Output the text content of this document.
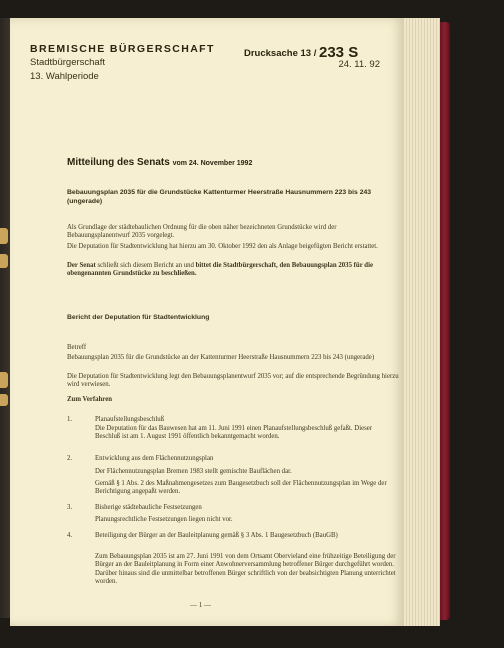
BREMISCHE BÜRGERSCHAFT
Stadtbürgerschaft
13. Wahlperiode
Drucksache 13 / 233 S
24. 11. 92
Mitteilung des Senats vom 24. November 1992
Bebauungsplan 2035 für die Grundstücke Kattenturmer Heerstraße Hausnummern 223 bis 243 (ungerade)
Als Grundlage der städtebaulichen Ordnung für die oben näher bezeichneten Grundstücke wird der Bebauungsplanentwurf 2035 vorgelegt.
Die Deputation für Stadtentwicklung hat hierzu am 30. Oktober 1992 den als Anlage beigefügten Bericht erstattet.
Der Senat schließt sich diesem Bericht an und bittet die Stadtbürgerschaft, den Bebauungsplan 2035 für die obengenannten Grundstücke zu beschließen.
Bericht der Deputation für Stadtentwicklung
Betreff
Bebauungsplan 2035 für die Grundstücke an der Kattenturmer Heerstraße Hausnummern 223 bis 243 (ungerade)
Die Deputation für Stadtentwicklung legt den Bebauungsplanentwurf 2035 vor; auf die entsprechende Begründung hierzu wird verwiesen.
Zum Verfahren
1.	Planaufstellungsbeschluß
Die Deputation für das Bauwesen hat am 11. Juni 1991 einen Planaufstellungsbeschluß gefaßt. Dieser Beschluß ist am 1. August 1991 öffentlich bekanntgemacht worden.
2.	Entwicklung aus dem Flächennutzungsplan
Der Flächennutzungsplan Bremen 1983 stellt gemischte Bauflächen dar.
Gemäß § 1 Abs. 2 des Maßnahmengesetzes zum Baugesetzbuch soll der Flächennutzungsplan im Wege der Berichtigung angepaßt werden.
3.	Bisherige städtebauliche Festsetzungen
Planungsrechtliche Festsetzungen liegen nicht vor.
4.	Beteiligung der Bürger an der Bauleitplanung gemäß § 3 Abs. 1 Baugesetzbuch (BauGB)
Zum Bebauungsplan 2035 ist am 27. Juni 1991 von dem Ortsamt Obervieland eine frühzeitige Beteiligung der Bürger an der Bauleitplanung in Form einer Anwohnerversammlung betroffener Bürger durchgeführt worden. Darüber hinaus sind die unmittelbar betroffenen Bürger schriftlich von der beabsichtigten Planung unterrichtet worden.
— 1 —
